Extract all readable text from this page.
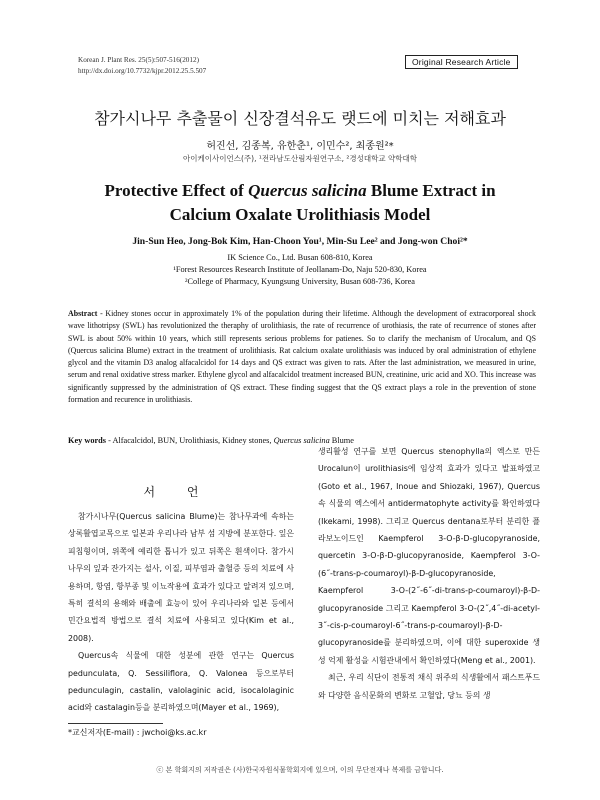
Korean J. Plant Res. 25(5):507-516(2012)
http://dx.doi.org/10.7732/kjpr.2012.25.5.507
Original Research Article
참가시나무 추출물이 신장결석유도 랫드에 미치는 저해효과
허진선, 김종복, 유한춘¹, 이민수², 최종원²*
아이케이사이언스(주), ¹전라남도산림자원연구소, ²경성대학교 약학대학
Protective Effect of Quercus salicina Blume Extract in
Calcium Oxalate Urolithiasis Model
Jin-Sun Heo, Jong-Bok Kim, Han-Choon You¹, Min-Su Lee² and Jong-won Choi²*
IK Science Co., Ltd. Busan 608-810, Korea
¹Forest Resources Research Institute of Jeollanam-Do, Naju 520-830, Korea
²College of Pharmacy, Kyungsung University, Busan 608-736, Korea
Abstract - Kidney stones occur in approximately 1% of the population during their lifetime. Although the development of extracorporeal shock wave lithotripsy (SWL) has revolutionized the theraphy of urolithiasis, the rate of recurrence of urothiasis, the rate of recurrence of stones after SWL is about 50% within 10 years, which still represents serious problems for patienes. So to clarify the mechanism of Urocalum, and QS (Quercus salicina Blume) extract in the treatment of urolithiasis. Rat calcium oxalate urolithiasis was induced by oral administration of ethylene glycol and the vitamin D3 analog alfacalcidol for 14 days and QS extract was given to rats. After the last administration, we measured in urine, serum and renal oxidative stress marker. Ethylene glycol and alfacalcidol treatment increased BUN, creatinine, uric acid and XO. This increase was significantly suppressed by the administration of QS extract. These finding suggest that the QS extract plays a role in the prevention of stone formation and recurence in urolithiasis.
Key words - Alfacalcidol, BUN, Urolithiasis, Kidney stones, Quercus salicina Blume
서 언

참가시나무(Quercus salicina Blume)는 참나무과에 속하는 상록활엽교목으로 일본과 우리나라 남부 섬 지방에 분포한다. 잎은 피침형이며, 위쪽에 예리한 톱니가 있고 뒤쪽은 흰색이다. 참가시나무의 잎과 잔가지는 설사, 이질, 피부염과 출혈증 등의 치료에 사용하며, 항염, 항부종 및 이뇨작용에 효과가 있다고 알려져 있으며, 특히 결석의 용해와 배출에 효능이 있어 우리나라와 일본 등에서 민간요법적 방법으로 결석 치료에 사용되고 있다(Kim et al., 2008).

Quercus속 식물에 대한 성분에 관한 연구는 Quercus pedunculata, Q. Sessiliflora, Q. Valonea 등으로부터 pedunculagin, castalin, valolaginic acid, isocalolaginic acid와 castalagin등을 분리하였으며(Mayer et al., 1969),

생리활성 연구를 보면 Quercus stenophylla의 엑스로 만든 Urocalun이 urolithiasis에 임상적 효과가 있다고 발표하였고(Goto et al., 1967, Inoue and Shiozaki, 1967), Quercus속 식물의 엑스에서 antidermatophyte activity를 확인하였다(Ikekami, 1998). 그리고 Quercus dentana로부터 분리한 플라보노이드인 Kaempferol 3-O-β-D-glucopyranoside, quercetin 3-O-β-D-glucopyranoside, Kaempferol 3-O-(6˝-trans-p-coumaroyl)-β-D-glucopyranoside, Kaempferol 3-O-(2˝-6˝-di-trans-p-coumaroyl)-β-D-glucopyranoside 그리고 Kaempferol 3-O-(2˝,4˝-di-acetyl-3˝-cis-p-coumaroyl-6˝-trans-p-coumaroyl)-β-D-glucopyranoside를 분리하였으며, 이에 대한 superoxide 생성 억제 활성을 시험관내에서 확인하였다(Meng et al., 2001).

최근, 우리 식단이 전통적 채식 위주의 식생활에서 패스트푸드와 다양한 음식문화의 변화로 고혈압, 당뇨 등의 생

*교신저자(E-mail) : jwchoi@ks.ac.kr
ⓒ 본 학회지의 저작권은 (사)한국자원식물학회지에 있으며, 이의 무단전재나 복제를 금합니다.
